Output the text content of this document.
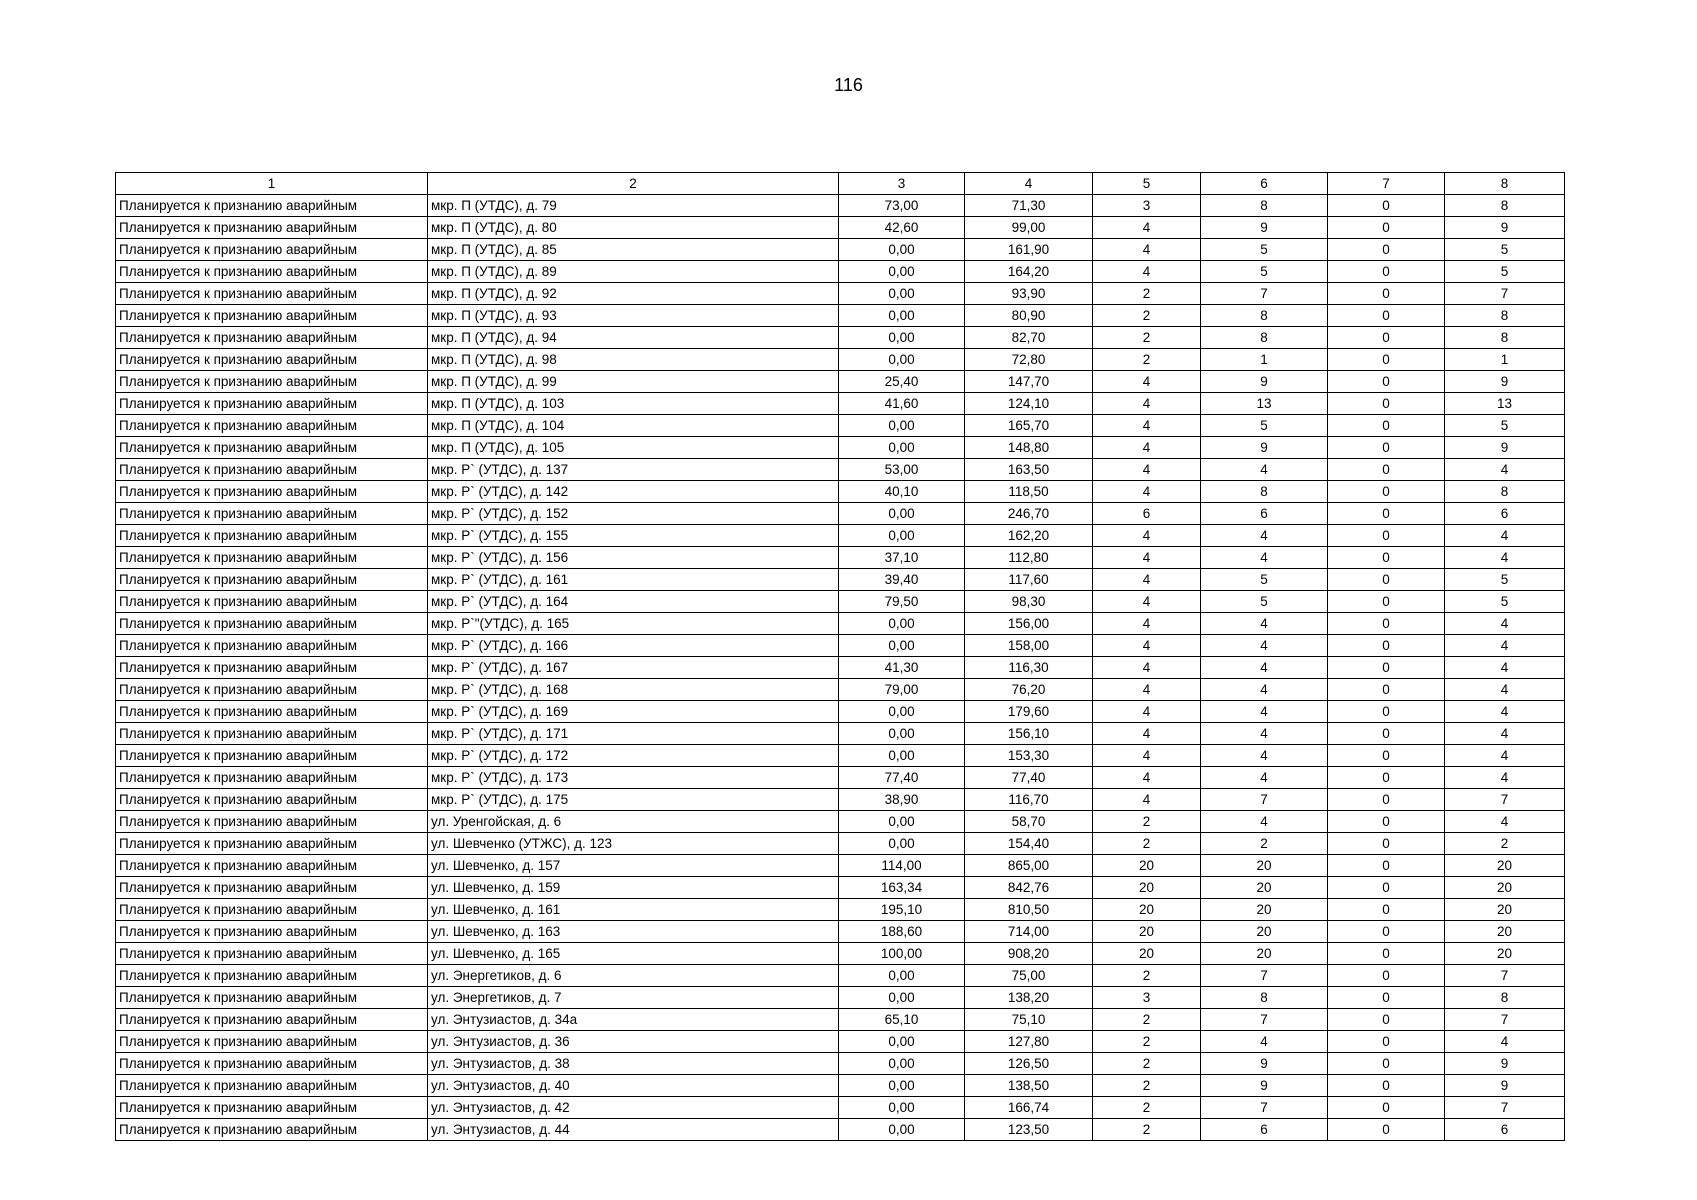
116
1	2	3	4	5	6	7	8
Планируется к признанию аварийным	мкр. П (УТДС), д. 79	73,00	71,30	3	8	0	8
Планируется к признанию аварийным	мкр. П (УТДС), д. 80	42,60	99,00	4	9	0	9
Планируется к признанию аварийным	мкр. П (УТДС), д. 85	0,00	161,90	4	5	0	5
Планируется к признанию аварийным	мкр. П (УТДС), д. 89	0,00	164,20	4	5	0	5
Планируется к признанию аварийным	мкр. П (УТДС), д. 92	0,00	93,90	2	7	0	7
Планируется к признанию аварийным	мкр. П (УТДС), д. 93	0,00	80,90	2	8	0	8
Планируется к признанию аварийным	мкр. П (УТДС), д. 94	0,00	82,70	2	8	0	8
Планируется к признанию аварийным	мкр. П (УТДС), д. 98	0,00	72,80	2	1	0	1
Планируется к признанию аварийным	мкр. П (УТДС), д. 99	25,40	147,70	4	9	0	9
Планируется к признанию аварийным	мкр. П (УТДС), д. 103	41,60	124,10	4	13	0	13
Планируется к признанию аварийным	мкр. П (УТДС), д. 104	0,00	165,70	4	5	0	5
Планируется к признанию аварийным	мкр. П (УТДС), д. 105	0,00	148,80	4	9	0	9
Планируется к признанию аварийным	мкр. Р` (УТДС), д. 137	53,00	163,50	4	4	0	4
Планируется к признанию аварийным	мкр. Р` (УТДС), д. 142	40,10	118,50	4	8	0	8
Планируется к признанию аварийным	мкр. Р` (УТДС), д. 152	0,00	246,70	6	6	0	6
Планируется к признанию аварийным	мкр. Р` (УТДС), д. 155	0,00	162,20	4	4	0	4
Планируется к признанию аварийным	мкр. Р` (УТДС), д. 156	37,10	112,80	4	4	0	4
Планируется к признанию аварийным	мкр. Р` (УТДС), д. 161	39,40	117,60	4	5	0	5
Планируется к признанию аварийным	мкр. Р` (УТДС), д. 164	79,50	98,30	4	5	0	5
Планируется к признанию аварийным	мкр. Р`"(УТДС), д. 165	0,00	156,00	4	4	0	4
Планируется к признанию аварийным	мкр. Р` (УТДС), д. 166	0,00	158,00	4	4	0	4
Планируется к признанию аварийным	мкр. Р` (УТДС), д. 167	41,30	116,30	4	4	0	4
Планируется к признанию аварийным	мкр. Р` (УТДС), д. 168	79,00	76,20	4	4	0	4
Планируется к признанию аварийным	мкр. Р` (УТДС), д. 169	0,00	179,60	4	4	0	4
Планируется к признанию аварийным	мкр. Р` (УТДС), д. 171	0,00	156,10	4	4	0	4
Планируется к признанию аварийным	мкр. Р` (УТДС), д. 172	0,00	153,30	4	4	0	4
Планируется к признанию аварийным	мкр. Р` (УТДС), д. 173	77,40	77,40	4	4	0	4
Планируется к признанию аварийным	мкр. Р` (УТДС), д. 175	38,90	116,70	4	7	0	7
Планируется к признанию аварийным	ул. Уренгойская, д. 6	0,00	58,70	2	4	0	4
Планируется к признанию аварийным	ул. Шевченко (УТЖС), д. 123	0,00	154,40	2	2	0	2
Планируется к признанию аварийным	ул. Шевченко, д. 157	114,00	865,00	20	20	0	20
Планируется к признанию аварийным	ул. Шевченко, д. 159	163,34	842,76	20	20	0	20
Планируется к признанию аварийным	ул. Шевченко, д. 161	195,10	810,50	20	20	0	20
Планируется к признанию аварийным	ул. Шевченко, д. 163	188,60	714,00	20	20	0	20
Планируется к признанию аварийным	ул. Шевченко, д. 165	100,00	908,20	20	20	0	20
Планируется к признанию аварийным	ул. Энергетиков, д. 6	0,00	75,00	2	7	0	7
Планируется к признанию аварийным	ул. Энергетиков, д. 7	0,00	138,20	3	8	0	8
Планируется к признанию аварийным	ул. Энтузиастов, д. 34а	65,10	75,10	2	7	0	7
Планируется к признанию аварийным	ул. Энтузиастов, д. 36	0,00	127,80	2	4	0	4
Планируется к признанию аварийным	ул. Энтузиастов, д. 38	0,00	126,50	2	9	0	9
Планируется к признанию аварийным	ул. Энтузиастов, д. 40	0,00	138,50	2	9	0	9
Планируется к признанию аварийным	ул. Энтузиастов, д. 42	0,00	166,74	2	7	0	7
Планируется к признанию аварийным	ул. Энтузиастов, д. 44	0,00	123,50	2	6	0	6
